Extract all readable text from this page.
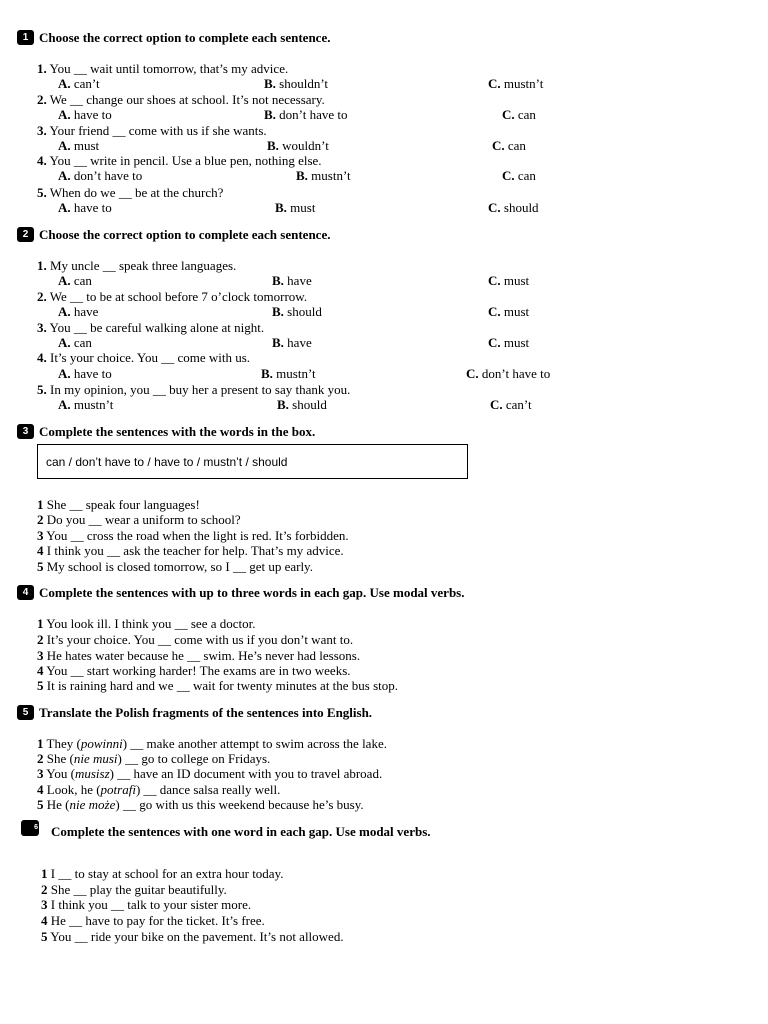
1 Choose the correct option to complete each sentence.
1. You __ wait until tomorrow, that’s my advice.
A. can’t	B. shouldn’t	C. mustn’t
2. We __ change our shoes at school. It’s not necessary.
A. have to	B. don’t have to	C. can
3. Your friend __ come with us if she wants.
A. must	B. wouldn’t	C. can
4. You __ write in pencil. Use a blue pen, nothing else.
A. don’t have to	B. mustn’t	C. can
5. When do we __ be at the church?
A. have to	B. must	C. should
2 Choose the correct option to complete each sentence.
1. My uncle __ speak three languages.
A. can	B. have	C. must
2. We __ to be at school before 7 o’clock tomorrow.
A. have	B. should	C. must
3. You __ be careful walking alone at night.
A. can	B. have	C. must
4. It’s your choice. You __ come with us.
A. have to	B. mustn’t	C. don’t have to
5. In my opinion, you __ buy her a present to say thank you.
A. mustn’t	B. should	C. can’t
3 Complete the sentences with the words in the box.
can / don’t have to / have to / mustn’t / should
1 She __ speak four languages!
2 Do you __ wear a uniform to school?
3 You __ cross the road when the light is red. It’s forbidden.
4 I think you __ ask the teacher for help. That’s my advice.
5 My school is closed tomorrow, so I __ get up early.
4 Complete the sentences with up to three words in each gap. Use modal verbs.
1 You look ill. I think you __ see a doctor.
2 It’s your choice. You __ come with us if you don’t want to.
3 He hates water because he __ swim. He’s never had lessons.
4 You __ start working harder! The exams are in two weeks.
5 It is raining hard and we __ wait for twenty minutes at the bus stop.
5 Translate the Polish fragments of the sentences into English.
1 They (powinni) __ make another attempt to swim across the lake.
2 She (nie musi) __ go to college on Fridays.
3 You (musisz) __ have an ID document with you to travel abroad.
4 Look, he (potrafi) __ dance salsa really well.
5 He (nie może) __ go with us this weekend because he’s busy.
6 Complete the sentences with one word in each gap. Use modal verbs.
1 I __ to stay at school for an extra hour today.
2 She __ play the guitar beautifully.
3 I think you __ talk to your sister more.
4 He __ have to pay for the ticket. It’s free.
5 You __ ride your bike on the pavement. It’s not allowed.
